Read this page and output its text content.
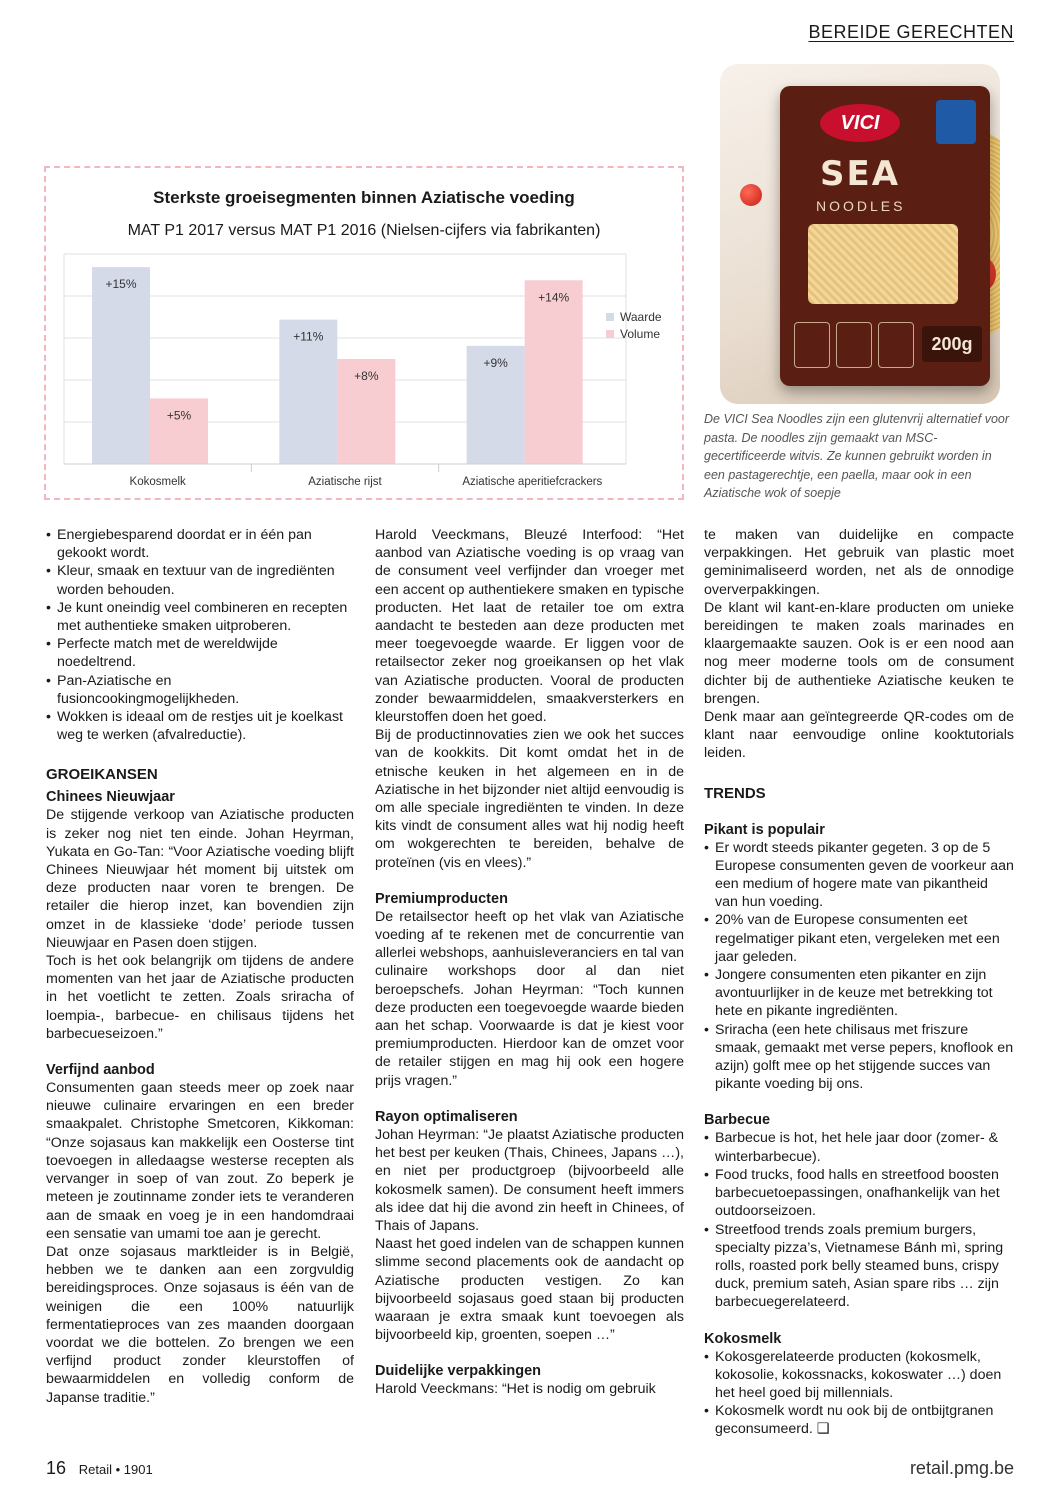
BEREIDE GERECHTEN
Sterkste groeisegmenten binnen Aziatische voeding
MAT P1 2017 versus MAT P1 2016 (Nielsen-cijfers via fabrikanten)
+15%
+5%
Kokosmelk
+11%
+8%
Aziatische rijst
+9%
+14%
Aziatische aperitiefcrackers
Waarde
Volume
VICI
SEA
NOODLES
200g
De VICI Sea Noodles zijn een glutenvrij alternatief voor pasta. De noodles zijn gemaakt van MSC-gecertificeerde witvis. Ze kunnen gebruikt worden in een pastagerechtje, een paella, maar ook in een Aziatische wok of soepje
• Energiebesparend doordat er in één pan gekookt wordt.
• Kleur, smaak en textuur van de ingrediënten worden behouden.
• Je kunt oneindig veel combineren en recepten met authentieke smaken uitproberen.
• Perfecte match met de wereldwijde noedeltrend.
• Pan-Aziatische en fusioncookingmogelijkheden.
• Wokken is ideaal om de restjes uit je koelkast weg te werken (afvalreductie).
GROEIKANSEN
Chinees Nieuwjaar

De stijgende verkoop van Aziatische producten is zeker nog niet ten einde. Johan Heyrman, Yukata en Go-Tan: “Voor Aziatische voeding blijft Chinees Nieuwjaar hét moment bij uitstek om deze producten naar voren te brengen. De retailer die hierop inzet, kan bovendien zijn omzet in de klassieke ‘dode’ periode tussen Nieuwjaar en Pasen doen stijgen.

Toch is het ook belangrijk om tijdens de andere momenten van het jaar de Aziatische producten in het voetlicht te zetten. Zoals sriracha of loempia-, barbecue- en chilisaus tijdens het barbecueseizoen.”

Verfijnd aanbod

Consumenten gaan steeds meer op zoek naar nieuwe culinaire ervaringen en een breder smaakpalet. Christophe Smetcoren, Kikkoman: “Onze sojasaus kan makkelijk een Oosterse tint toevoegen in alledaagse westerse recepten als vervanger in soep of van zout. Zo beperk je meteen je zoutinname zonder iets te veranderen aan de smaak en voeg je in een handomdraai een sensatie van umami toe aan je gerecht.

Dat onze sojasaus marktleider is in België, hebben we te danken aan een zorgvuldig bereidingsproces. Onze sojasaus is één van de weinigen die een 100% natuurlijk fermentatieproces van zes maanden doorgaan voordat we die bottelen. Zo brengen we een verfijnd product zonder kleurstoffen of bewaarmiddelen en volledig conform de Japanse traditie.”

Harold Veeckmans, Bleuzé Interfood: “Het aanbod van Aziatische voeding is op vraag van de consument veel verfijnder dan vroeger met een accent op authentiekere smaken en typische producten. Het laat de retailer toe om extra aandacht te besteden aan deze producten met meer toegevoegde waarde. Er liggen voor de retailsector zeker nog groeikansen op het vlak van Aziatische producten. Vooral de producten zonder bewaarmiddelen, smaakversterkers en kleurstoffen doen het goed.

Bij de productinnovaties zien we ook het succes van de kookkits. Dit komt omdat het in de etnische keuken in het algemeen en in de Aziatische in het bijzonder niet altijd eenvoudig is om alle speciale ingrediënten te vinden. In deze kits vindt de consument alles wat hij nodig heeft om wokgerechten te bereiden, behalve de proteïnen (vis en vlees).”

Premiumproducten

De retailsector heeft op het vlak van Aziatische voeding af te rekenen met de concurrentie van allerlei webshops, aanhuisleveranciers en tal van culinaire workshops door al dan niet beroepschefs. Johan Heyrman: “Toch kunnen deze producten een toegevoegde waarde bieden aan het schap. Voorwaarde is dat je kiest voor premiumproducten. Hierdoor kan de omzet voor de retailer stijgen en mag hij ook een hogere prijs vragen.”

Rayon optimaliseren

Johan Heyrman: “Je plaatst Aziatische producten het best per keuken (Thais, Chinees, Japans …), en niet per productgroep (bijvoorbeeld alle kokosmelk samen). De consument heeft immers als idee dat hij die avond zin heeft in Chinees, of Thais of Japans.

Naast het goed indelen van de schappen kunnen slimme second placements ook de aandacht op Aziatische producten vestigen. Zo kan bijvoorbeeld sojasaus goed staan bij producten waaraan je extra smaak kunt toevoegen als bijvoorbeeld kip, groenten, soepen …”

Duidelijke verpakkingen

Harold Veeckmans: “Het is nodig om gebruik

te maken van duidelijke en compacte verpakkingen. Het gebruik van plastic moet geminimaliseerd worden, net als de onnodige oververpakkingen.

De klant wil kant-en-klare producten om unieke bereidingen te maken zoals marinades en klaargemaakte sauzen. Ook is er een nood aan nog meer moderne tools om de consument dichter bij de authentieke Aziatische keuken te brengen.

Denk maar aan geïntegreerde QR-codes om de klant naar eenvoudige online kooktutorials leiden.

TRENDS
Pikant is populair
• Er wordt steeds pikanter gegeten. 3 op de 5 Europese consumenten geven de voorkeur aan een medium of hogere mate van pikantheid van hun voeding.
• 20% van de Europese consumenten eet regelmatiger pikant eten, vergeleken met een jaar geleden.
• Jongere consumenten eten pikanter en zijn avontuurlijker in de keuze met betrekking tot hete en pikante ingrediënten.
• Sriracha (een hete chilisaus met friszure smaak, gemaakt met verse pepers, knoflook en azijn) golft mee op het stijgende succes van pikante voeding bij ons.
Barbecue
• Barbecue is hot, het hele jaar door (zomer- & winterbarbecue).
• Food trucks, food halls en streetfood boosten barbecuetoepassingen, onafhankelijk van het outdoorseizoen.
• Streetfood trends zoals premium burgers, specialty pizza’s, Vietnamese Bánh mì, spring rolls, roasted pork belly steamed buns, crispy duck, premium sateh, Asian spare ribs … zijn barbecuegerelateerd.
Kokosmelk
• Kokosgerelateerde producten (kokosmelk, kokosolie, kokossnacks, kokoswater …) doen het heel goed bij millennials.
• Kokosmelk wordt nu ook bij de ontbijtgranen geconsumeerd. ❑
16 Retail • 1901	retail.pmg.be
